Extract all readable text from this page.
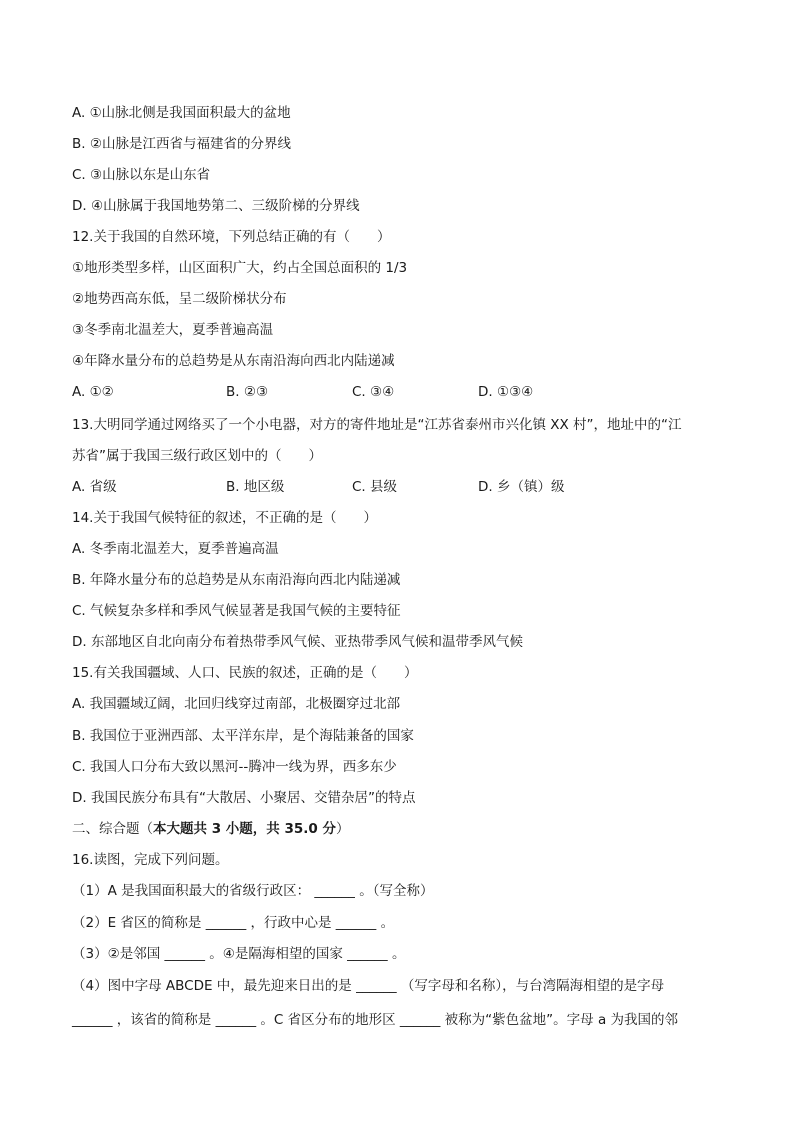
A. ①山脉北侧是我国面积最大的盆地
B. ②山脉是江西省与福建省的分界线
C. ③山脉以东是山东省
D. ④山脉属于我国地势第二、三级阶梯的分界线
12.关于我国的自然环境，下列总结正确的有（　　）
①地形类型多样，山区面积广大，约占全国总面积的 1/3
②地势西高东低，呈二级阶梯状分布
③冬季南北温差大，夏季普遍高温
④年降水量分布的总趋势是从东南沿海向西北内陆递减
A. ①②	B. ②③	C. ③④	D. ①③④
13.大明同学通过网络买了一个小电器，对方的寄件地址是“江苏省泰州市兴化镇 XX 村”，地址中的“江
苏省”属于我国三级行政区划中的（　　）
A. 省级	B. 地区级	C. 县级	D. 乡（镇）级
14.关于我国气候特征的叙述，不正确的是（　　）
A. 冬季南北温差大，夏季普遍高温
B. 年降水量分布的总趋势是从东南沿海向西北内陆递减
C. 气候复杂多样和季风气候显著是我国气候的主要特征
D. 东部地区自北向南分布着热带季风气候、亚热带季风气候和温带季风气候
15.有关我国疆域、人口、民族的叙述，正确的是（　　）
A. 我国疆域辽阔，北回归线穿过南部，北极圈穿过北部
B. 我国位于亚洲西部、太平洋东岸，是个海陆兼备的国家
C. 我国人口分布大致以黑河--腾冲一线为界，西多东少
D. 我国民族分布具有“大散居、小聚居、交错杂居”的特点
二、综合题（本大题共 3 小题，共 35.0 分）
16.读图，完成下列问题。
（1）A 是我国面积最大的省级行政区： ______ 。（写全称）
（2）E 省区的简称是 ______ ，行政中心是 ______ 。
（3）②是邻国 ______ 。④是隔海相望的国家 ______ 。
（4）图中字母 ABCDE 中，最先迎来日出的是 ______ （写字母和名称），与台湾隔海相望的是字母
______ ，该省的简称是 ______ 。C 省区分布的地形区 ______ 被称为“紫色盆地”。字母 a 为我国的邻
